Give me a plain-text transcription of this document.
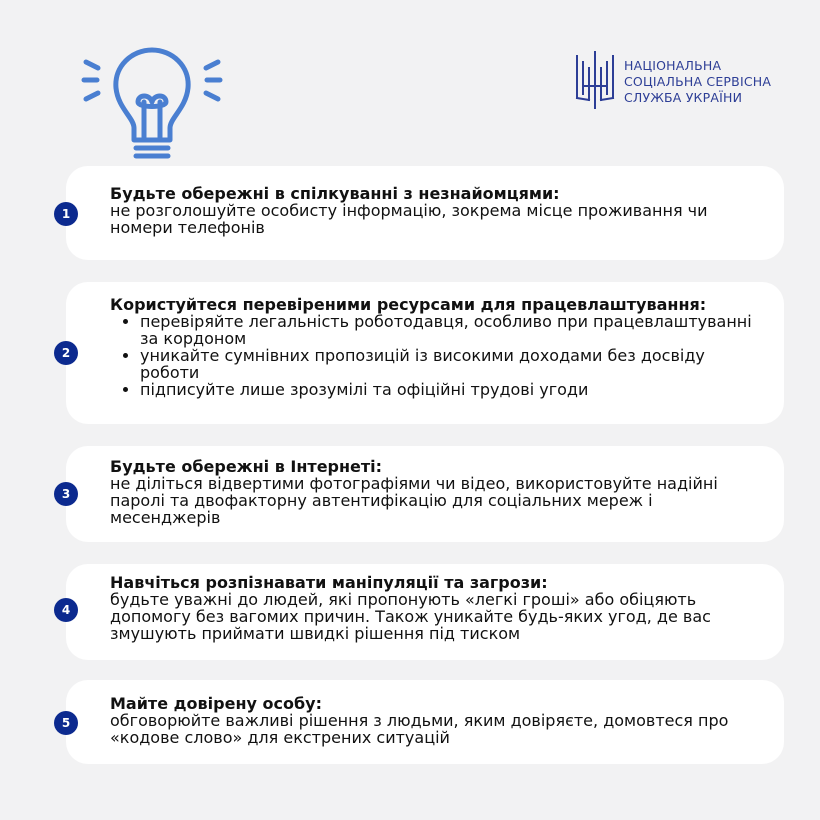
НАЦІОНАЛЬНА
СОЦІАЛЬНА СЕРВІСНА
СЛУЖБА УКРАЇНИ
1
Будьте обережні в спілкуванні з незнайомцями:
не розголошуйте особисту інформацію, зокрема місце проживання чи номери телефонів
2
Користуйтеся перевіреними ресурсами для працевлаштування:
• перевіряйте легальність роботодавця, особливо при працевлаштуванні за кордоном
• уникайте сумнівних пропозицій із високими доходами без досвіду роботи
• підписуйте лише зрозумілі та офіційні трудові угоди
3
Будьте обережні в Інтернеті:
не діліться відвертими фотографіями чи відео, використовуйте надійні паролі та двофакторну автентифікацію для соціальних мереж і месенджерів
4
Навчіться розпізнавати маніпуляції та загрози:
будьте уважні до людей, які пропонують «легкі гроші» або обіцяють допомогу без вагомих причин. Також уникайте будь-яких угод, де вас змушують приймати швидкі рішення під тиском
5
Майте довірену особу:
обговорюйте важливі рішення з людьми, яким довіряєте, домовтеся про «кодове слово» для екстрених ситуацій
